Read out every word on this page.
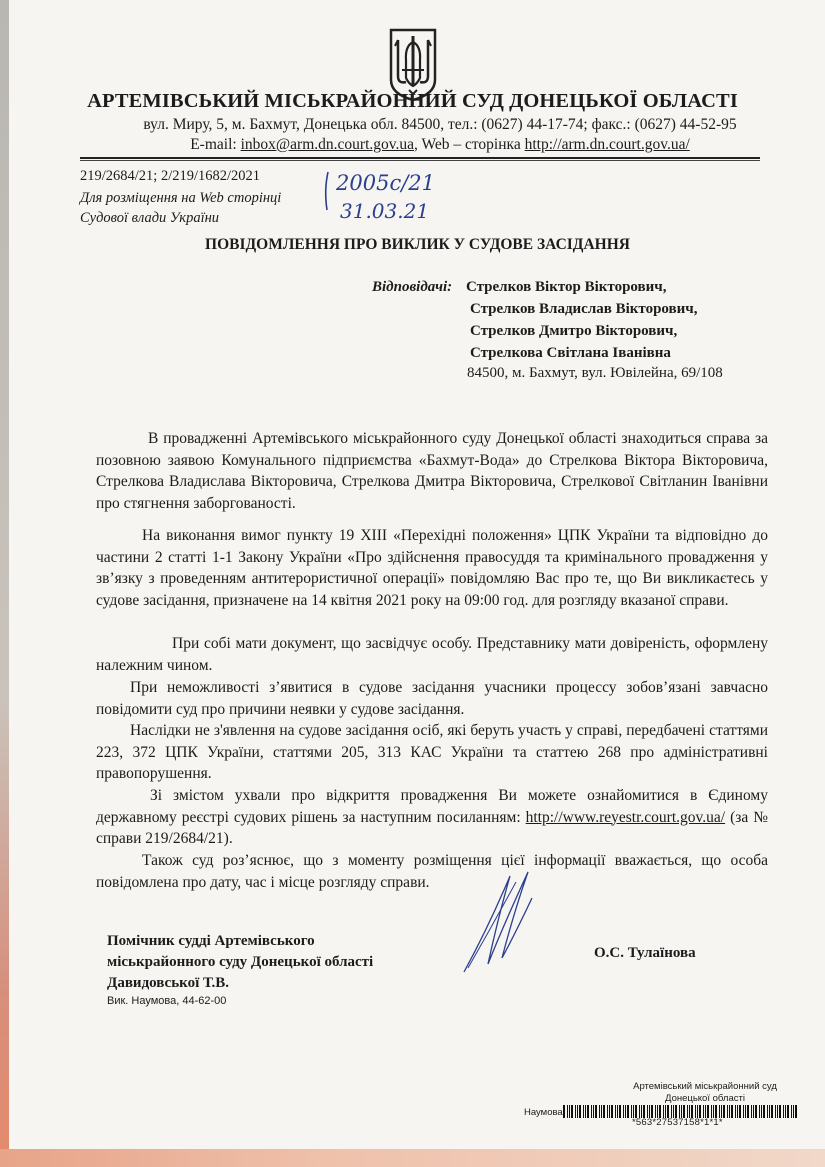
АРТЕМІВСЬКИЙ МІСЬКРАЙОННИЙ СУД ДОНЕЦЬКОЇ ОБЛАСТІ
вул. Миру, 5, м. Бахмут, Донецька обл. 84500, тел.: (0627) 44-17-74; факс.: (0627) 44-52-95
E-mail: inbox@arm.dn.court.gov.ua, Web – сторінка http://arm.dn.court.gov.ua/
219/2684/21; 2/219/1682/2021
Для розміщення на Web сторінці
Судової влади України
2005с/21
31.03.21
ПОВІДОМЛЕННЯ ПРО ВИКЛИК У СУДОВЕ ЗАСІДАННЯ
Відповідачі: Стрелков Віктор Вікторович,
Стрелков Владислав Вікторович,
Стрелков Дмитро Вікторович,
Стрелкова Світлана Іванівна
84500, м. Бахмут, вул. Ювілейна, 69/108
В провадженні Артемівського міськрайонного суду Донецької області знаходиться справа за позовною заявою Комунального підприємства «Бахмут-Вода» до Стрелкова Віктора Вікторовича, Стрелкова Владислава Вікторовича, Стрелкова Дмитра Вікторовича, Стрелкової Світланин Іванівни про стягнення заборгованості.
На виконання вимог пункту 19 ХІІІ «Перехідні положення» ЦПК України та відповідно до частини 2 статті 1-1 Закону України «Про здійснення правосуддя та кримінального провадження у зв’язку з проведенням антитерористичної операції» повідомляю Вас про те, що Ви викликаєтесь у судове засідання, призначене на 14 квітня 2021 року на 09:00 год. для розгляду вказаної справи.
При собі мати документ, що засвідчує особу. Представнику мати довіреність, оформлену належним чином.
При неможливості з’явитися в судове засідання учасники процессу зобов’язані завчасно повідомити суд про причини неявки у судове засідання.
Наслідки не з'явлення на судове засідання осіб, які беруть участь у справі, передбачені статтями 223, 372 ЦПК України, статтями 205, 313 КАС України та статтею 268 про адміністративні правопорушення.
Зі змістом ухвали про відкриття провадження Ви можете ознайомитися в Єдиному державному реєстрі судових рішень за наступним посиланням: http://www.reyestr.court.gov.ua/ (за № справи 219/2684/21).
Також суд роз’яснює, що з моменту розміщення цієї інформації вважається, що особа повідомлена про дату, час і місце розгляду справи.
Помічник судді Артемівського
міськрайонного суду Донецької області
Давидовської Т.В.
Вик. Наумова, 44-62-00
О.С. Тулаїнова
Артемівський міськрайонний суд
Донецької області
Наумова
*563*27537158*1*1*
